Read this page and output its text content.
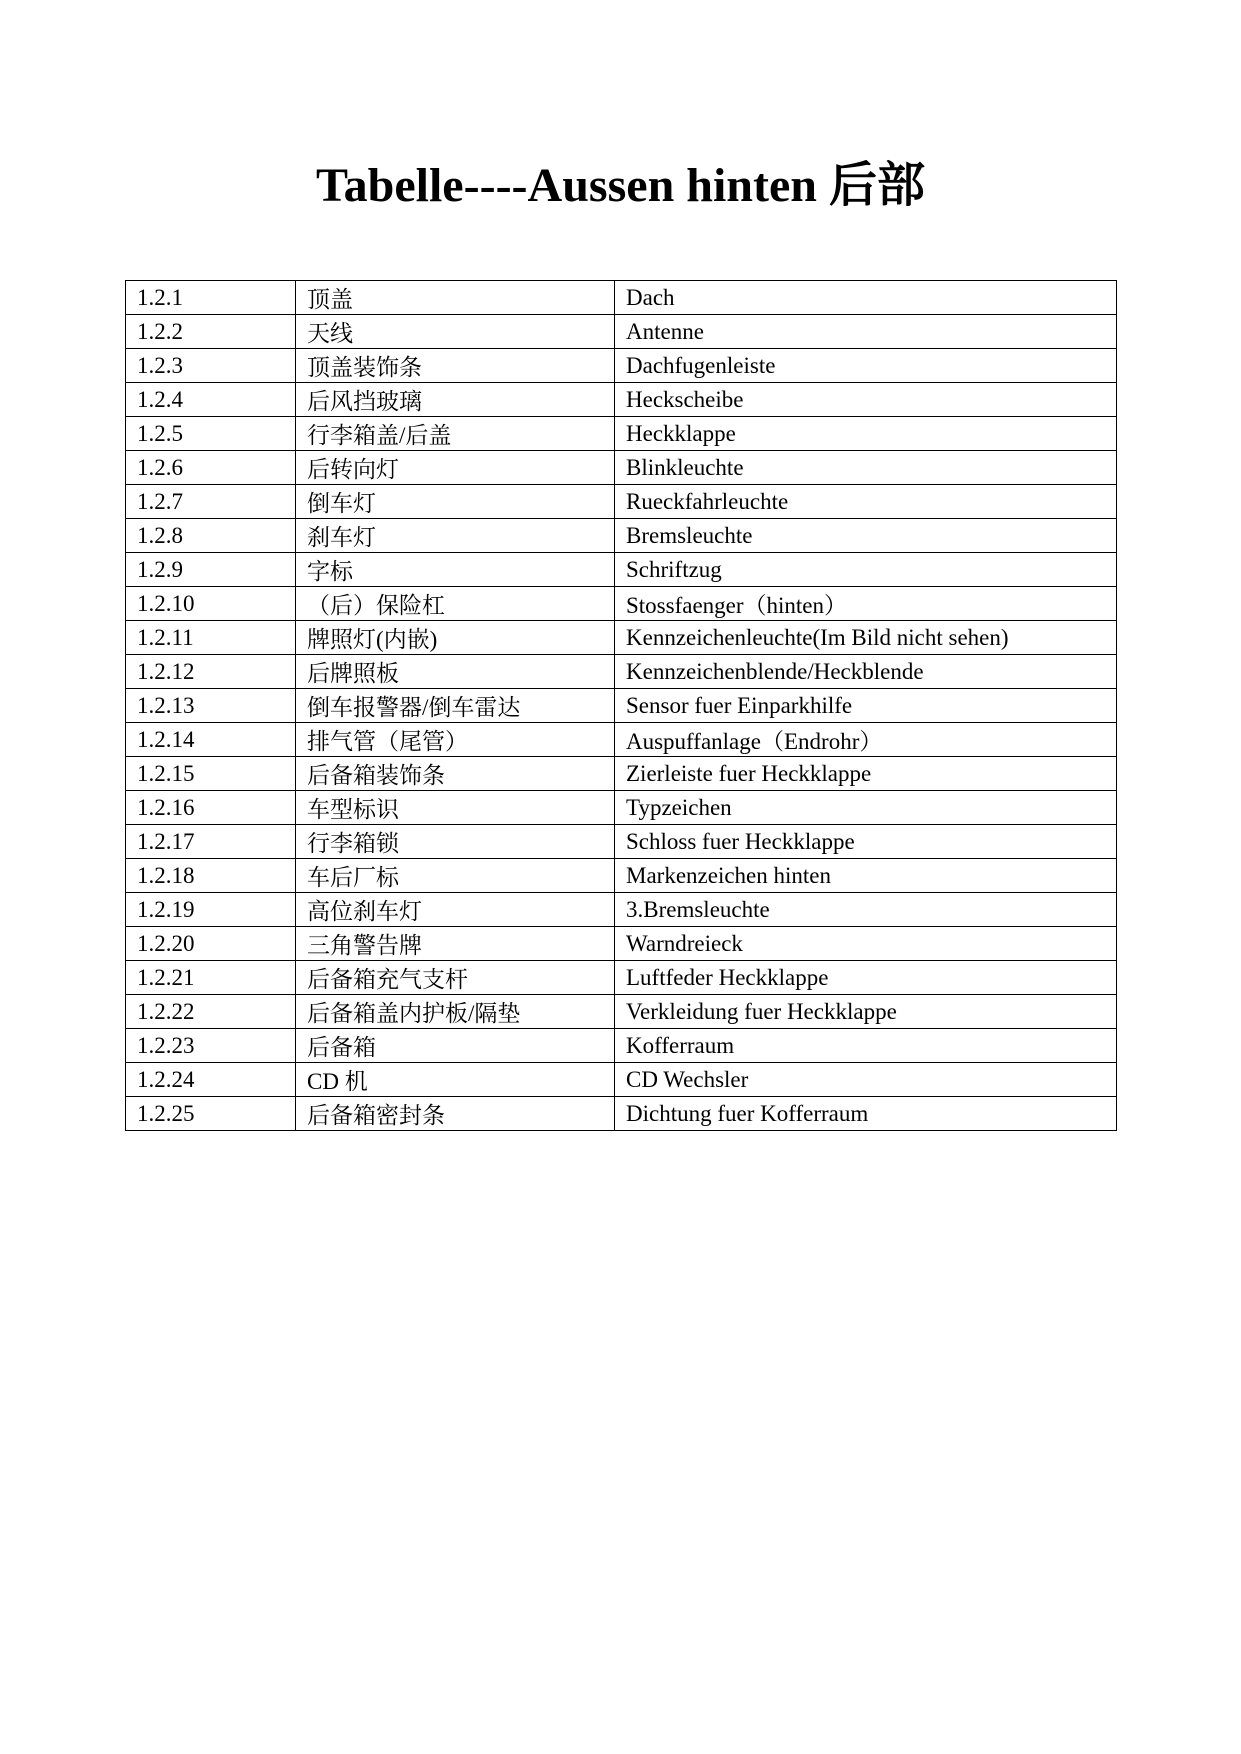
Tabelle----Aussen hinten 后部
1.2.1	顶盖	Dach
1.2.2	天线	Antenne
1.2.3	顶盖装饰条	Dachfugenleiste
1.2.4	后风挡玻璃	Heckscheibe
1.2.5	行李箱盖/后盖	Heckklappe
1.2.6	后转向灯	Blinkleuchte
1.2.7	倒车灯	Rueckfahrleuchte
1.2.8	刹车灯	Bremsleuchte
1.2.9	字标	Schriftzug
1.2.10	（后）保险杠	Stossfaenger（hinten）
1.2.11	牌照灯(内嵌)	Kennzeichenleuchte(Im Bild nicht sehen)
1.2.12	后牌照板	Kennzeichenblende/Heckblende
1.2.13	倒车报警器/倒车雷达	Sensor fuer Einparkhilfe
1.2.14	排气管（尾管）	Auspuffanlage（Endrohr）
1.2.15	后备箱装饰条	Zierleiste fuer Heckklappe
1.2.16	车型标识	Typzeichen
1.2.17	行李箱锁	Schloss fuer Heckklappe
1.2.18	车后厂标	Markenzeichen hinten
1.2.19	高位刹车灯	3.Bremsleuchte
1.2.20	三角警告牌	Warndreieck
1.2.21	后备箱充气支杆	Luftfeder Heckklappe
1.2.22	后备箱盖内护板/隔垫	Verkleidung fuer Heckklappe
1.2.23	后备箱	Kofferraum
1.2.24	CD 机	CD Wechsler
1.2.25	后备箱密封条	Dichtung fuer Kofferraum
